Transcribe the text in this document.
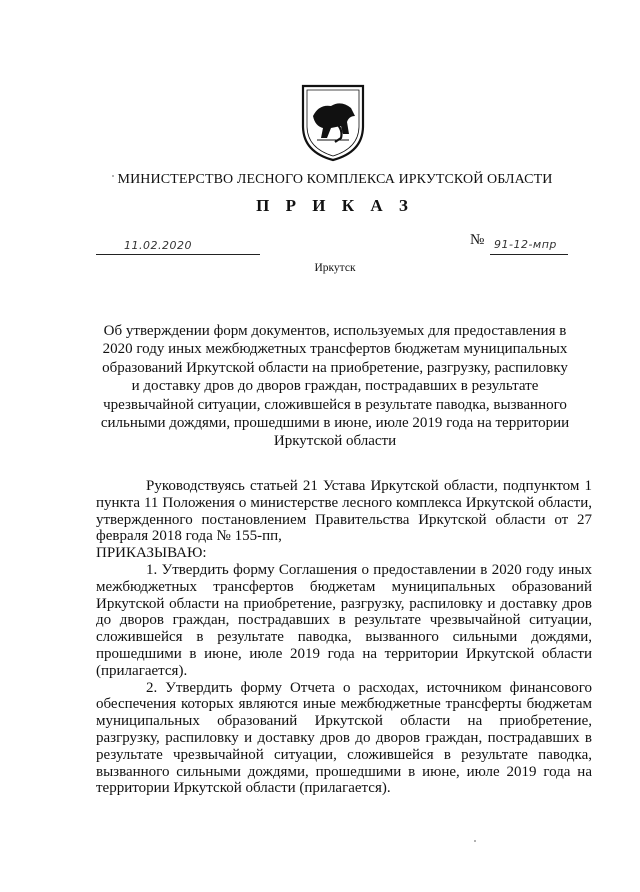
МИНИСТЕРСТВО ЛЕСНОГО КОМПЛЕКСА ИРКУТСКОЙ ОБЛАСТИ
П Р И К А З
11.02.2020	№ 91-12-мпр
Иркутск
Об утверждении форм документов, используемых для предоставления в 2020 году иных межбюджетных трансфертов бюджетам муниципальных образований Иркутской области на приобретение, разгрузку, распиловку и доставку дров до дворов граждан, пострадавших в результате чрезвычайной ситуации, сложившейся в результате паводка, вызванного сильными дождями, прошедшими в июне, июле 2019 года на территории Иркутской области

Руководствуясь статьей 21 Устава Иркутской области, подпунктом 1 пункта 11 Положения о министерстве лесного комплекса Иркутской области, утвержденного постановлением Правительства Иркутской области от 27 февраля 2018 года № 155-пп,

ПРИКАЗЫВАЮ:

1. Утвердить форму Соглашения о предоставлении в 2020 году иных межбюджетных трансфертов бюджетам муниципальных образований Иркутской области на приобретение, разгрузку, распиловку и доставку дров до дворов граждан, пострадавших в результате чрезвычайной ситуации, сложившейся в результате паводка, вызванного сильными дождями, прошедшими в июне, июле 2019 года на территории Иркутской области (прилагается).

2. Утвердить форму Отчета о расходах, источником финансового обеспечения которых являются иные межбюджетные трансферты бюджетам муниципальных образований Иркутской области на приобретение, разгрузку, распиловку и доставку дров до дворов граждан, пострадавших в результате чрезвычайной ситуации, сложившейся в результате паводка, вызванного сильными дождями, прошедшими в июне, июле 2019 года на территории Иркутской области (прилагается).
